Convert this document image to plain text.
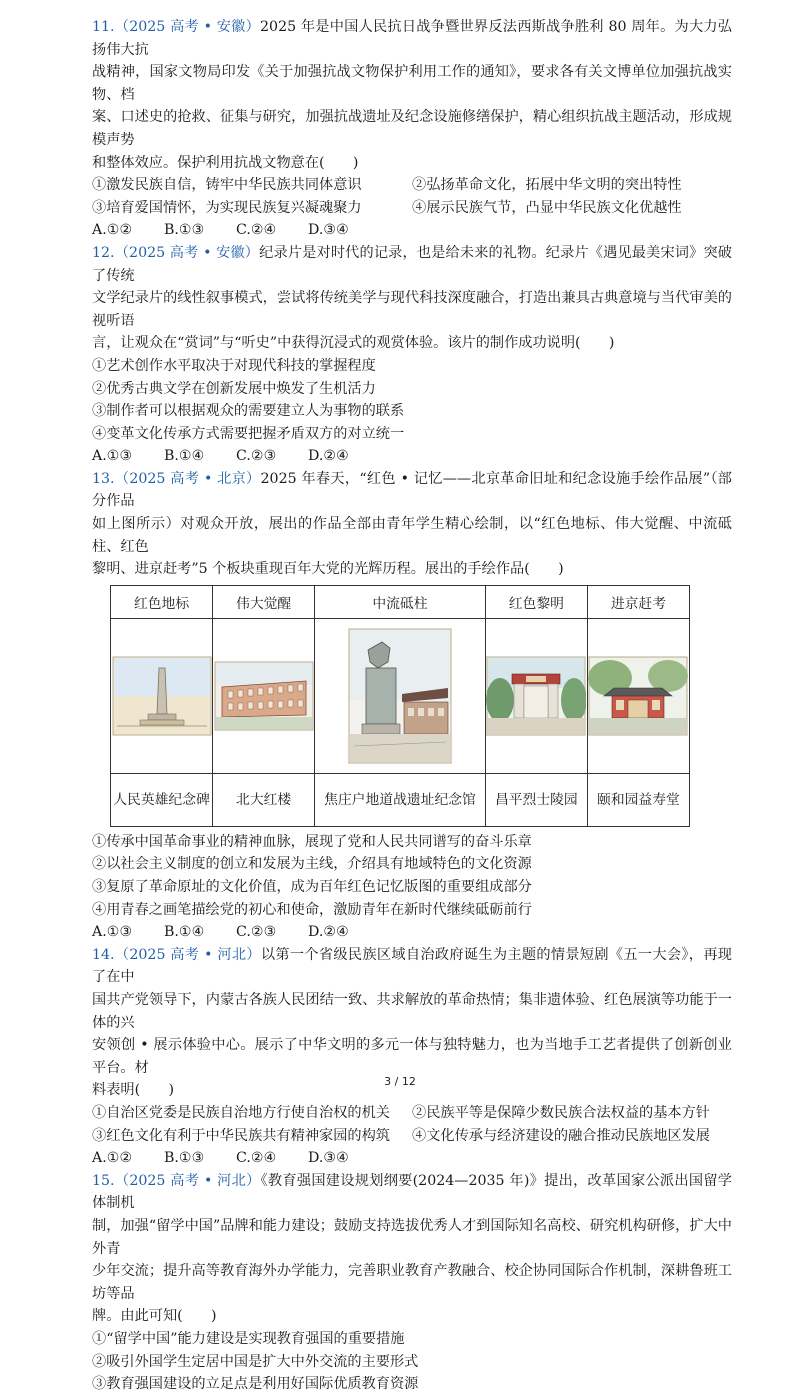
11.（2025 高考 • 安徽）2025 年是中国人民抗日战争暨世界反法西斯战争胜利 80 周年。为大力弘扬伟大抗

战精神，国家文物局印发《关于加强抗战文物保护利用工作的通知》，要求各有关文博单位加强抗战实物、档

案、口述史的抢救、征集与研究，加强抗战遗址及纪念设施修缮保护，精心组织抗战主题活动，形成规模声势

和整体效应。保护利用抗战文物意在(　　)

①激发民族自信，铸牢中华民族共同体意识	②弘扬革命文化，拓展中华文明的突出特性

③培育爱国情怀，为实现民族复兴凝魂聚力	④展示民族气节，凸显中华民族文化优越性

A.①②	B.①③	C.②④	D.③④

12.（2025 高考 • 安徽）纪录片是对时代的记录，也是给未来的礼物。纪录片《遇见最美宋词》突破了传统

文学纪录片的线性叙事模式，尝试将传统美学与现代科技深度融合，打造出兼具古典意境与当代审美的视听语

言，让观众在“赏词”与“听史”中获得沉浸式的观赏体验。该片的制作成功说明(　　)

①艺术创作水平取决于对现代科技的掌握程度

②优秀古典文学在创新发展中焕发了生机活力

③制作者可以根据观众的需要建立人为事物的联系

④变革文化传承方式需要把握矛盾双方的对立统一

A.①③	B.①④	C.②③	D.②④

13.（2025 高考 • 北京）2025 年春天，“红色 • 记忆——北京革命旧址和纪念设施手绘作品展”（部分作品

如上图所示）对观众开放，展出的作品全部由青年学生精心绘制，以“红色地标、伟大觉醒、中流砥柱、红色

黎明、进京赶考”5 个板块重现百年大党的光辉历程。展出的手绘作品(　　)

红色地标	伟大觉醒	中流砥柱	红色黎明	进京赶考

人民英雄纪念碑	北大红楼	焦庄户地道战遗址纪念馆	昌平烈士陵园	颐和园益寿堂

①传承中国革命事业的精神血脉，展现了党和人民共同谱写的奋斗乐章

②以社会主义制度的创立和发展为主线，介绍具有地域特色的文化资源

③复原了革命原址的文化价值，成为百年红色记忆版图的重要组成部分

④用青春之画笔描绘党的初心和使命，激励青年在新时代继续砥砺前行

A.①③	B.①④	C.②③	D.②④

14.（2025 高考 • 河北）以第一个省级民族区域自治政府诞生为主题的情景短剧《五一大会》，再现了在中

国共产党领导下，内蒙古各族人民团结一致、共求解放的革命热情；集非遗体验、红色展演等功能于一体的兴

安领创 • 展示体验中心。展示了中华文明的多元一体与独特魅力，也为当地手工艺者提供了创新创业平台。材

料表明(　　)

①自治区党委是民族自治地方行使自治权的机关	②民族平等是保障少数民族合法权益的基本方针

③红色文化有利于中华民族共有精神家园的构筑	④文化传承与经济建设的融合推动民族地区发展

A.①②	B.①③	C.②④	D.③④

15.（2025 高考 • 河北）《教育强国建设规划纲要(2024—2035 年)》提出，改革国家公派出国留学体制机

制，加强“留学中国”品牌和能力建设；鼓励支持选拔优秀人才到国际知名高校、研究机构研修，扩大中外青

少年交流；提升高等教育海外办学能力，完善职业教育产教融合、校企协同国际合作机制，深耕鲁班工坊等品

牌。由此可知(　　)

①“留学中国”能力建设是实现教育强国的重要措施

②吸引外国学生定居中国是扩大中外交流的主要形式

③教育强国建设的立足点是利用好国际优质教育资源

3 / 12
